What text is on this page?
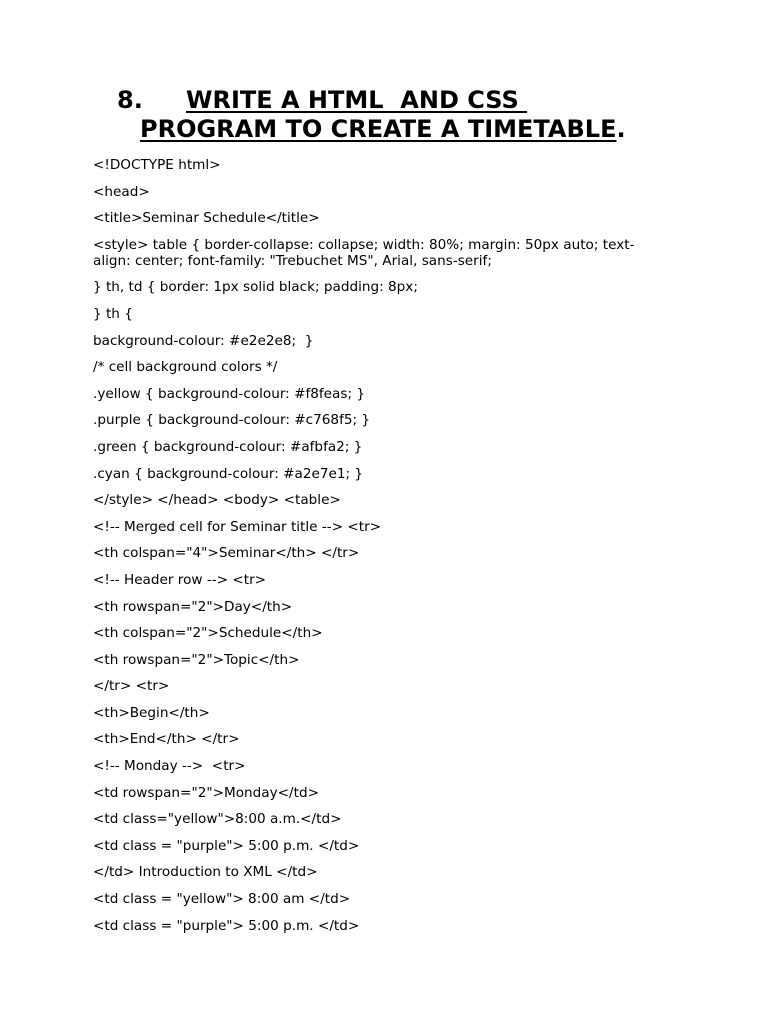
8. WRITE A HTML  AND CSS
PROGRAM TO CREATE A TIMETABLE.

<!DOCTYPE html>

<head>

<title>Seminar Schedule</title>

<style> table { border-collapse: collapse; width: 80%; margin: 50px auto; text-align: center; font-family: "Trebuchet MS", Arial, sans-serif;

} th, td { border: 1px solid black; padding: 8px;

} th {

background-colour: #e2e2e8;  }

/* cell background colors */

.yellow { background-colour: #f8feas; }

.purple { background-colour: #c768f5; }

.green { background-colour: #afbfa2; }

.cyan { background-colour: #a2e7e1; }

</style> </head> <body> <table>

<!-- Merged cell for Seminar title --> <tr>

<th colspan="4">Seminar</th> </tr>

<!-- Header row --> <tr>

<th rowspan="2">Day</th>

<th colspan="2">Schedule</th>

<th rowspan="2">Topic</th>

</tr> <tr>

<th>Begin</th>

<th>End</th> </tr>

<!-- Monday -->  <tr>

<td rowspan="2">Monday</td>

<td class="yellow">8:00 a.m.</td>

<td class = "purple"> 5:00 p.m. </td>

</td> Introduction to XML </td>

<td class = "yellow"> 8:00 am </td>

<td class = "purple"> 5:00 p.m. </td>
